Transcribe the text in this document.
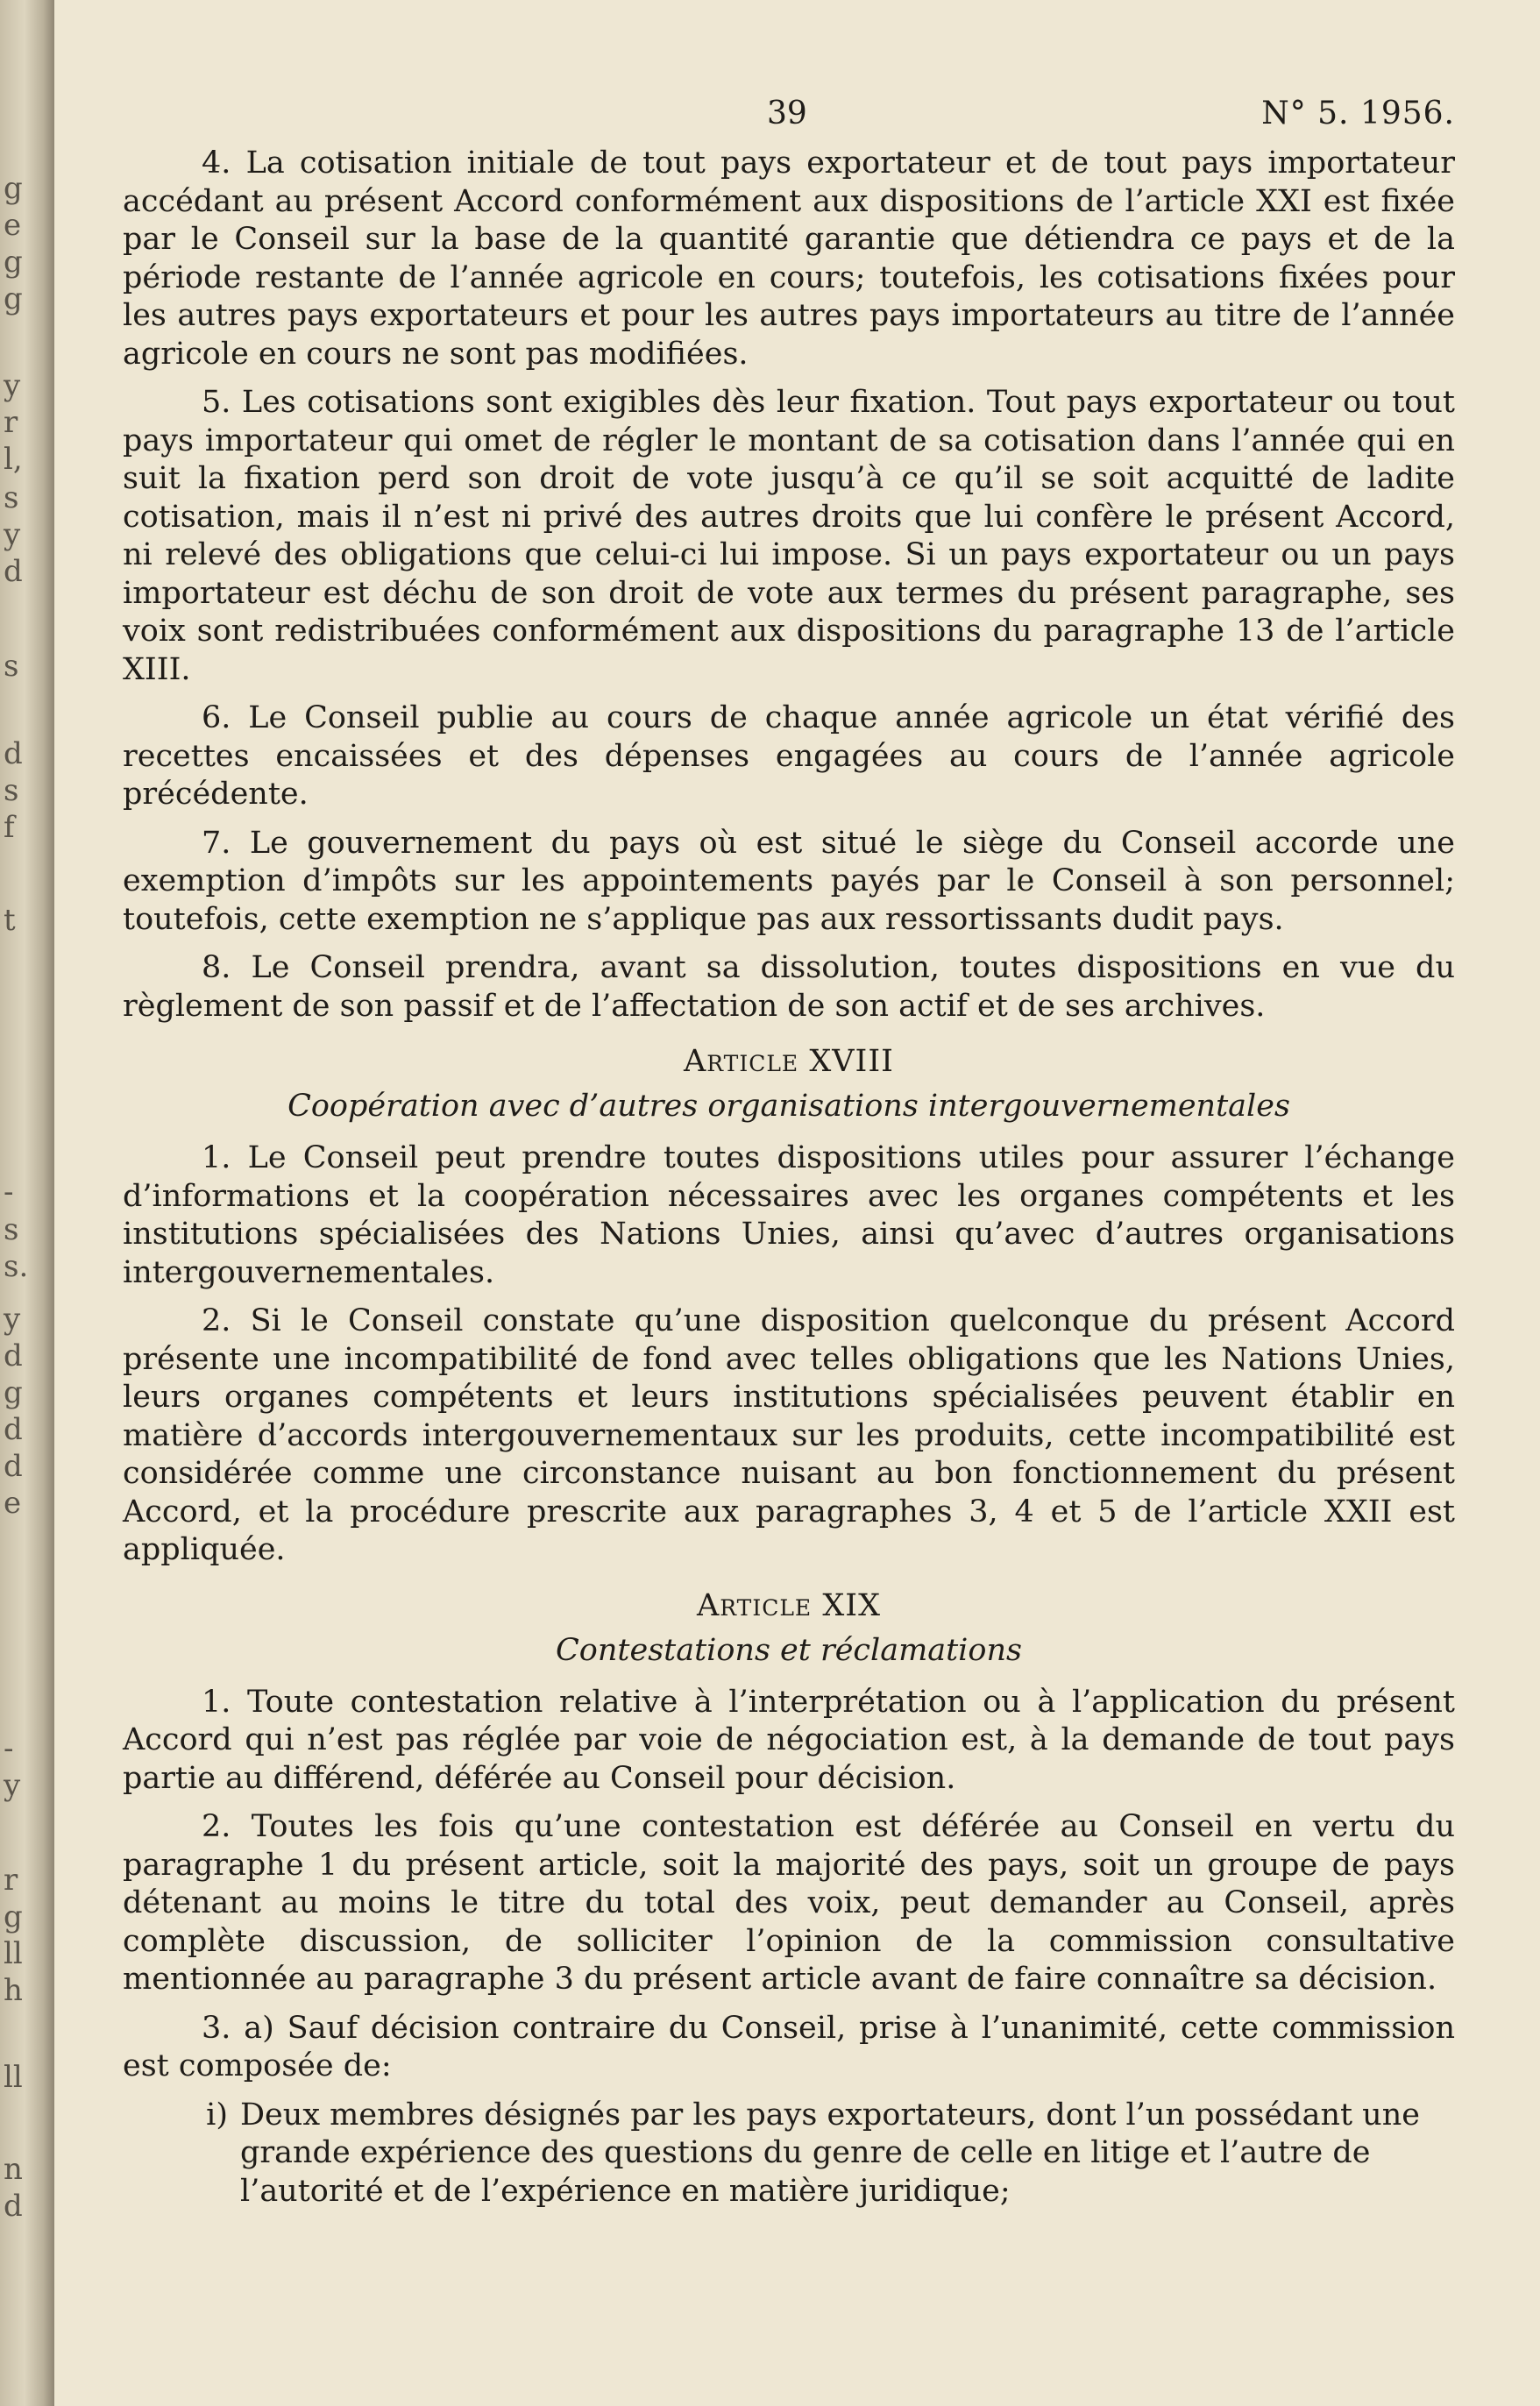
g
e
g
g
y
r
l,
s
y
d
s
d
s
f
t
-
s
s.
y
d
g
d
d
e
-
y
r
g
ll
h
ll
n
d
39	N° 5. 1956.

4. La cotisation initiale de tout pays exportateur et de tout pays importateur accédant au présent Accord conformément aux dispositions de l’article XXI est fixée par le Conseil sur la base de la quantité garantie que détiendra ce pays et de la période restante de l’année agricole en cours; toutefois, les cotisations fixées pour les autres pays exportateurs et pour les autres pays importateurs au titre de l’année agricole en cours ne sont pas modifiées.

5. Les cotisations sont exigibles dès leur fixation. Tout pays exportateur ou tout pays importateur qui omet de régler le montant de sa cotisation dans l’année qui en suit la fixation perd son droit de vote jusqu’à ce qu’il se soit acquitté de ladite cotisation, mais il n’est ni privé des autres droits que lui confère le présent Accord, ni relevé des obligations que celui-ci lui impose. Si un pays exportateur ou un pays importateur est déchu de son droit de vote aux termes du présent paragraphe, ses voix sont redistribuées conformément aux dispositions du paragraphe 13 de l’article XIII.

6. Le Conseil publie au cours de chaque année agricole un état vérifié des recettes encaissées et des dépenses engagées au cours de l’année agricole précédente.

7. Le gouvernement du pays où est situé le siège du Conseil accorde une exemption d’impôts sur les appointements payés par le Conseil à son personnel; toutefois, cette exemption ne s’applique pas aux ressortissants dudit pays.

8. Le Conseil prendra, avant sa dissolution, toutes dispositions en vue du règlement de son passif et de l’affectation de son actif et de ses archives.

Article XVIII
Coopération avec d’autres organisations intergouvernementales

1. Le Conseil peut prendre toutes dispositions utiles pour assurer l’échange d’informations et la coopération nécessaires avec les organes compétents et les institutions spécialisées des Nations Unies, ainsi qu’avec d’autres organisations intergouvernementales.

2. Si le Conseil constate qu’une disposition quelconque du présent Accord présente une incompatibilité de fond avec telles obligations que les Nations Unies, leurs organes compétents et leurs institutions spécialisées peuvent établir en matière d’accords intergouvernementaux sur les produits, cette incompatibilité est considérée comme une circonstance nuisant au bon fonctionnement du présent Accord, et la procédure prescrite aux paragraphes 3, 4 et 5 de l’article XXII est appliquée.

Article XIX
Contestations et réclamations

1. Toute contestation relative à l’interprétation ou à l’application du présent Accord qui n’est pas réglée par voie de négociation est, à la demande de tout pays partie au différend, déférée au Conseil pour décision.

2. Toutes les fois qu’une contestation est déférée au Conseil en vertu du paragraphe 1 du présent article, soit la majorité des pays, soit un groupe de pays détenant au moins le titre du total des voix, peut demander au Conseil, après complète discussion, de solliciter l’opinion de la commission consultative mentionnée au paragraphe 3 du présent article avant de faire connaître sa décision.

3. a) Sauf décision contraire du Conseil, prise à l’unanimité, cette commission est composée de:

i) Deux membres désignés par les pays exportateurs, dont l’un possédant une grande expérience des questions du genre de celle en litige et l’autre de l’autorité et de l’expérience en matière juridique;
